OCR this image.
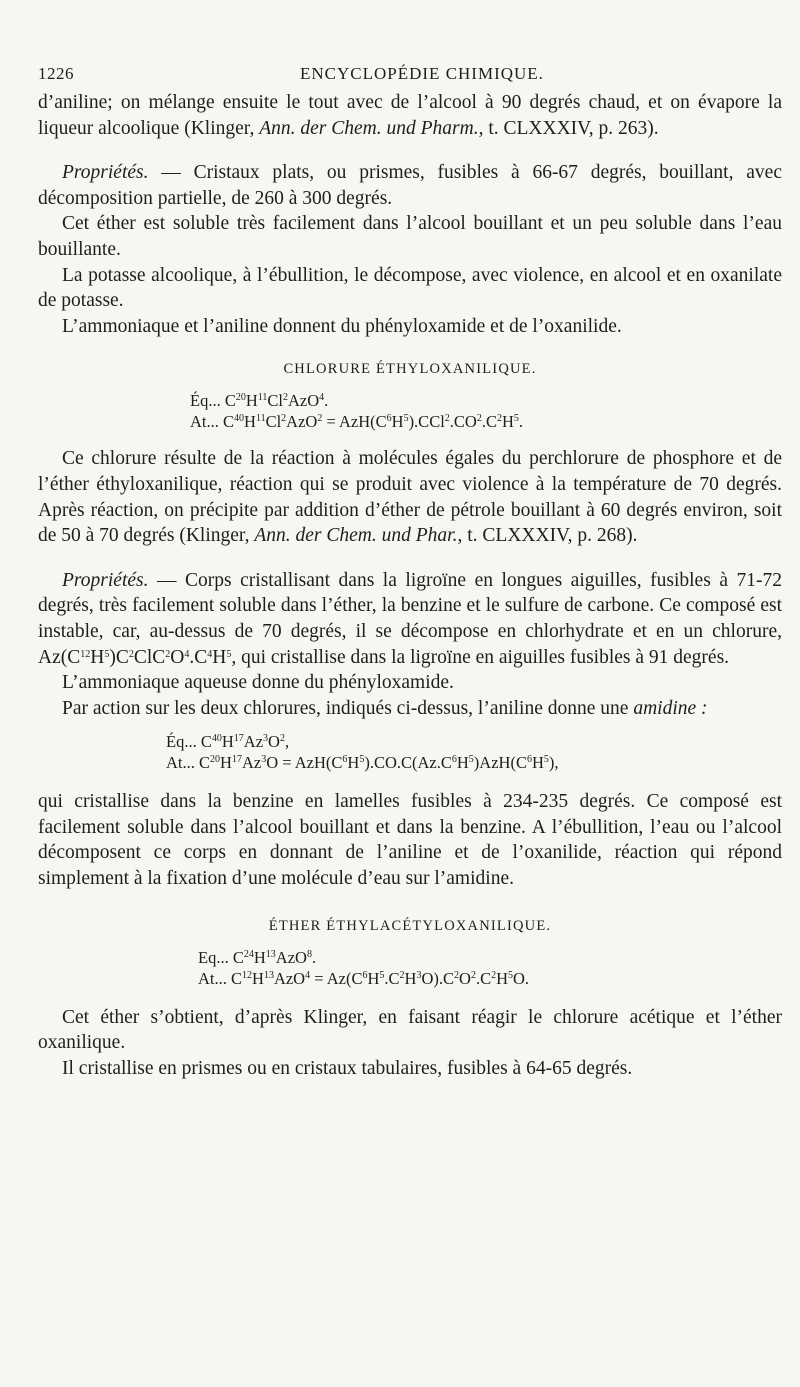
1226	ENCYCLOPÉDIE CHIMIQUE.

d’aniline; on mélange ensuite le tout avec de l’alcool à 90 degrés chaud, et on évapore la liqueur alcoolique (Klinger, Ann. der Chem. und Pharm., t. CLXXXIV, p. 263).

Propriétés. — Cristaux plats, ou prismes, fusibles à 66-67 degrés, bouillant, avec décomposition partielle, de 260 à 300 degrés.

Cet éther est soluble très facilement dans l’alcool bouillant et un peu soluble dans l’eau bouillante.

La potasse alcoolique, à l’ébullition, le décompose, avec violence, en alcool et en oxanilate de potasse.

L’ammoniaque et l’aniline donnent du phényloxamide et de l’oxanilide.

CHLORURE ÉTHYLOXANILIQUE.
Éq... $C^{20}H^{11}Cl^2AzO^4$.
At... $C^{40}H^{11}Cl^2AzO^2 = AzH(C^6H^5).CCl^2.CO^2.C^2H^5$.

Ce chlorure résulte de la réaction à molécules égales du perchlorure de phosphore et de l’éther éthyloxanilique, réaction qui se produit avec violence à la température de 70 degrés. Après réaction, on précipite par addition d’éther de pétrole bouillant à 60 degrés environ, soit de 50 à 70 degrés (Klinger, Ann. der Chem. und Phar., t. CLXXXIV, p. 268).

Propriétés. — Corps cristallisant dans la ligroïne en longues aiguilles, fusibles à 71-72 degrés, très facilement soluble dans l’éther, la benzine et le sulfure de carbone. Ce composé est instable, car, au-dessus de 70 degrés, il se décompose en chlorhydrate et en un chlorure, $Az(C^{12}H^5)C^2ClC^2O^4.C^4H^5$, qui cristallise dans la ligroïne en aiguilles fusibles à 91 degrés.

L’ammoniaque aqueuse donne du phényloxamide.

Par action sur les deux chlorures, indiqués ci-dessus, l’aniline donne une amidine :

Éq... $C^{40}H^{17}Az^3O^2$,
At... $C^{20}H^{17}Az^3O = AzH(C^6H^5).CO.C(Az.C^6H^5)AzH(C^6H^5)$,

qui cristallise dans la benzine en lamelles fusibles à 234-235 degrés. Ce composé est facilement soluble dans l’alcool bouillant et dans la benzine. A l’ébullition, l’eau ou l’alcool décomposent ce corps en donnant de l’aniline et de l’oxanilide, réaction qui répond simplement à la fixation d’une molécule d’eau sur l’amidine.

ÉTHER ÉTHYLACÉTYLOXANILIQUE.
Eq... $C^{24}H^{13}AzO^8$.
At... $C^{12}H^{13}AzO^4 = Az(C^6H^5.C^2H^3O).C^2O^2.C^2H^5O$.

Cet éther s’obtient, d’après Klinger, en faisant réagir le chlorure acétique et l’éther oxanilique.

Il cristallise en prismes ou en cristaux tabulaires, fusibles à 64-65 degrés.
